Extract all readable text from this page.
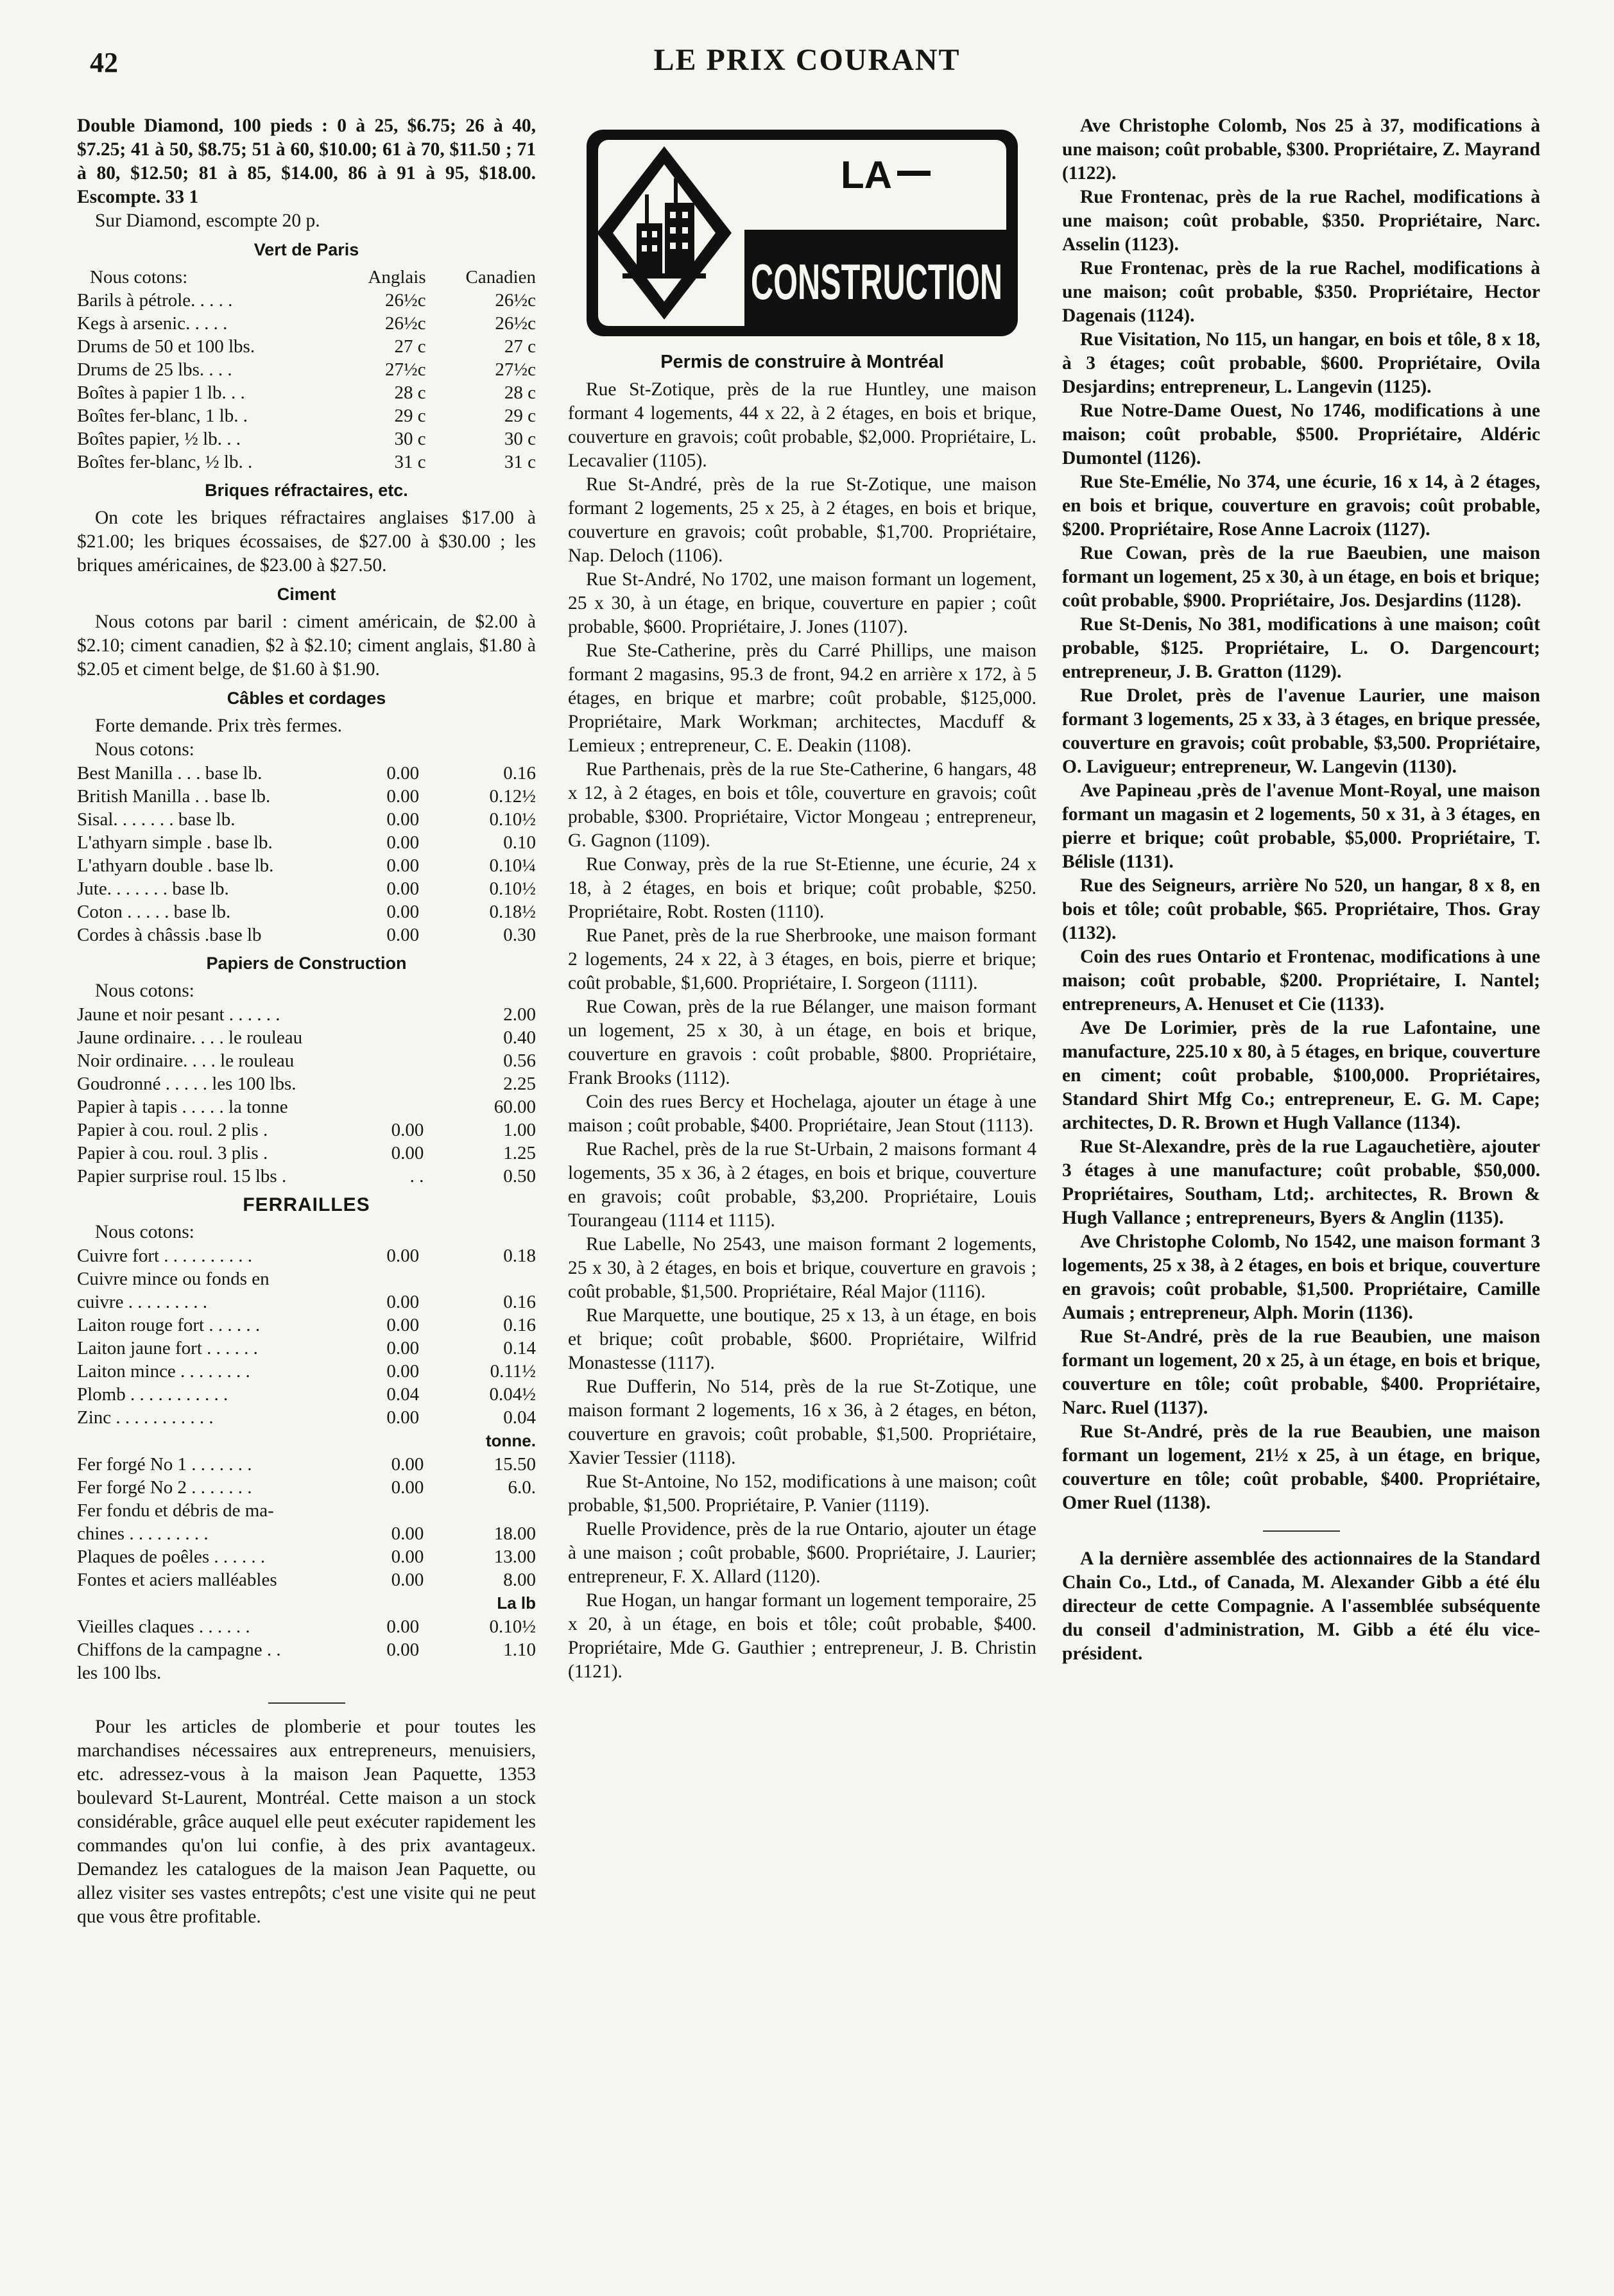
42	LE PRIX COURANT

Double Diamond, 100 pieds : 0 à 25, $6.75; 26 à 40, $7.25; 41 à 50, $8.75; 51 à 60, $10.00; 61 à 70, $11.50 ; 71 à 80, $12.50; 81 à 85, $14.00, 86 à 91 à 95, $18.00. Escompte. 33 1

Sur Diamond, escompte 20 p.

Vert de Paris
Nous cotons:	Anglais	Canadien
Barils à pétrole. . . . .	26½c	26½c
Kegs à arsenic. . . . .	26½c	26½c
Drums de 50 et 100 lbs.	27 c	27 c
Drums de 25 lbs. . . .	27½c	27½c
Boîtes à papier 1 lb. . .	28 c	28 c
Boîtes fer-blanc, 1 lb. .	29 c	29 c
Boîtes papier, ½ lb. . .	30 c	30 c
Boîtes fer-blanc, ½ lb. .	31 c	31 c
Briques réfractaires, etc.

On cote les briques réfractaires anglaises $17.00 à $21.00; les briques écossaises, de $27.00 à $30.00 ; les briques américaines, de $23.00 à $27.50.

Ciment

Nous cotons par baril : ciment américain, de $2.00 à $2.10; ciment canadien, $2 à $2.10; ciment anglais, $1.80 à $2.05 et ciment belge, de $1.60 à $1.90.

Câbles et cordages

Forte demande. Prix très fermes.

Nous cotons:

Best Manilla . . . base lb.	0.00	0.16
British Manilla . . base lb.	0.00	0.12½
Sisal. . . . . . . base lb.	0.00	0.10½
L'athyarn simple . base lb.	0.00	0.10
L'athyarn double . base lb.	0.00	0.10¼
Jute. . . . . . . base lb.	0.00	0.10½
Coton . . . . . base lb.	0.00	0.18½
Cordes à châssis .base lb	0.00	0.30
Papiers de Construction

Nous cotons:

Jaune et noir pesant . . . . . .		2.00
Jaune ordinaire. . . . le rouleau		0.40
Noir ordinaire. . . . le rouleau		0.56
Goudronné . . . . . les 100 lbs.		2.25
Papier à tapis . . . . . la tonne		60.00
Papier à cou. roul. 2 plis .	0.00	1.00
Papier à cou. roul. 3 plis .	0.00	1.25
Papier surprise roul. 15 lbs .	. .	0.50
FERRAILLES

Nous cotons:

Cuivre fort . . . . . . . . . .	0.00	0.18
Cuivre mince ou fonds en		
cuivre . . . . . . . . .	0.00	0.16
Laiton rouge fort . . . . . .	0.00	0.16
Laiton jaune fort . . . . . .	0.00	0.14
Laiton mince . . . . . . . .	0.00	0.11½
Plomb . . . . . . . . . . .	0.04	0.04½
Zinc . . . . . . . . . . .	0.00	0.04
tonne.
Fer forgé No 1 . . . . . . .	0.00	15.50
Fer forgé No 2 . . . . . . .	0.00	6.0.
Fer fondu et débris de ma-		
chines . . . . . . . . .	0.00	18.00
Plaques de poêles . . . . . .	0.00	13.00
Fontes et aciers malléables	0.00	8.00
La lb
Vieilles claques . . . . . .	0.00	0.10½
Chiffons de la campagne . .	0.00	1.10
les 100 lbs.		

Pour les articles de plomberie et pour toutes les marchandises nécessaires aux entrepreneurs, menuisiers, etc. adressez-vous à la maison Jean Paquette, 1353 boulevard St-Laurent, Montréal. Cette maison a un stock considérable, grâce auquel elle peut exécuter rapidement les commandes qu'on lui confie, à des prix avantageux. Demandez les catalogues de la maison Jean Paquette, ou allez visiter ses vastes entrepôts; c'est une visite qui ne peut que vous être profitable.

LA
CONSTRUCTION
Permis de construire à Montréal

Rue St-Zotique, près de la rue Huntley, une maison formant 4 logements, 44 x 22, à 2 étages, en bois et brique, couverture en gravois; coût probable, $2,000. Propriétaire, L. Lecavalier (1105).

Rue St-André, près de la rue St-Zotique, une maison formant 2 logements, 25 x 25, à 2 étages, en bois et brique, couverture en gravois; coût probable, $1,700. Propriétaire, Nap. Deloch (1106).

Rue St-André, No 1702, une maison formant un logement, 25 x 30, à un étage, en brique, couverture en papier ; coût probable, $600. Propriétaire, J. Jones (1107).

Rue Ste-Catherine, près du Carré Phillips, une maison formant 2 magasins, 95.3 de front, 94.2 en arrière x 172, à 5 étages, en brique et marbre; coût probable, $125,000. Propriétaire, Mark Workman; architectes, Macduff & Lemieux ; entrepreneur, C. E. Deakin (1108).

Rue Parthenais, près de la rue Ste-Catherine, 6 hangars, 48 x 12, à 2 étages, en bois et tôle, couverture en gravois; coût probable, $300. Propriétaire, Victor Mongeau ; entrepreneur, G. Gagnon (1109).

Rue Conway, près de la rue St-Etienne, une écurie, 24 x 18, à 2 étages, en bois et brique; coût probable, $250. Propriétaire, Robt. Rosten (1110).

Rue Panet, près de la rue Sherbrooke, une maison formant 2 logements, 24 x 22, à 3 étages, en bois, pierre et brique; coût probable, $1,600. Propriétaire, I. Sorgeon (1111).

Rue Cowan, près de la rue Bélanger, une maison formant un logement, 25 x 30, à un étage, en bois et brique, couverture en gravois : coût probable, $800. Propriétaire, Frank Brooks (1112).

Coin des rues Bercy et Hochelaga, ajouter un étage à une maison ; coût probable, $400. Propriétaire, Jean Stout (1113).

Rue Rachel, près de la rue St-Urbain, 2 maisons formant 4 logements, 35 x 36, à 2 étages, en bois et brique, couverture en gravois; coût probable, $3,200. Propriétaire, Louis Tourangeau (1114 et 1115).

Rue Labelle, No 2543, une maison formant 2 logements, 25 x 30, à 2 étages, en bois et brique, couverture en gravois ; coût probable, $1,500. Propriétaire, Réal Major (1116).

Rue Marquette, une boutique, 25 x 13, à un étage, en bois et brique; coût probable, $600. Propriétaire, Wilfrid Monastesse (1117).

Rue Dufferin, No 514, près de la rue St-Zotique, une maison formant 2 logements, 16 x 36, à 2 étages, en béton, couverture en gravois; coût probable, $1,500. Propriétaire, Xavier Tessier (1118).

Rue St-Antoine, No 152, modifications à une maison; coût probable, $1,500. Propriétaire, P. Vanier (1119).

Ruelle Providence, près de la rue Ontario, ajouter un étage à une maison ; coût probable, $600. Propriétaire, J. Laurier; entrepreneur, F. X. Allard (1120).

Rue Hogan, un hangar formant un logement temporaire, 25 x 20, à un étage, en bois et tôle; coût probable, $400. Propriétaire, Mde G. Gauthier ; entrepreneur, J. B. Christin (1121).

Ave Christophe Colomb, Nos 25 à 37, modifications à une maison; coût probable, $300. Propriétaire, Z. Mayrand (1122).

Rue Frontenac, près de la rue Rachel, modifications à une maison; coût probable, $350. Propriétaire, Narc. Asselin (1123).

Rue Frontenac, près de la rue Rachel, modifications à une maison; coût probable, $350. Propriétaire, Hector Dagenais (1124).

Rue Visitation, No 115, un hangar, en bois et tôle, 8 x 18, à 3 étages; coût probable, $600. Propriétaire, Ovila Desjardins; entrepreneur, L. Langevin (1125).

Rue Notre-Dame Ouest, No 1746, modifications à une maison; coût probable, $500. Propriétaire, Aldéric Dumontel (1126).

Rue Ste-Emélie, No 374, une écurie, 16 x 14, à 2 étages, en bois et brique, couverture en gravois; coût probable, $200. Propriétaire, Rose Anne Lacroix (1127).

Rue Cowan, près de la rue Baeubien, une maison formant un logement, 25 x 30, à un étage, en bois et brique; coût probable, $900. Propriétaire, Jos. Desjardins (1128).

Rue St-Denis, No 381, modifications à une maison; coût probable, $125. Propriétaire, L. O. Dargencourt; entrepreneur, J. B. Gratton (1129).

Rue Drolet, près de l'avenue Laurier, une maison formant 3 logements, 25 x 33, à 3 étages, en brique pressée, couverture en gravois; coût probable, $3,500. Propriétaire, O. Lavigueur; entrepreneur, W. Langevin (1130).

Ave Papineau ,près de l'avenue Mont-Royal, une maison formant un magasin et 2 logements, 50 x 31, à 3 étages, en pierre et brique; coût probable, $5,000. Propriétaire, T. Bélisle (1131).

Rue des Seigneurs, arrière No 520, un hangar, 8 x 8, en bois et tôle; coût probable, $65. Propriétaire, Thos. Gray (1132).

Coin des rues Ontario et Frontenac, modifications à une maison; coût probable, $200. Propriétaire, I. Nantel; entrepreneurs, A. Henuset et Cie (1133).

Ave De Lorimier, près de la rue Lafontaine, une manufacture, 225.10 x 80, à 5 étages, en brique, couverture en ciment; coût probable, $100,000. Propriétaires, Standard Shirt Mfg Co.; entrepreneur, E. G. M. Cape; architectes, D. R. Brown et Hugh Vallance (1134).

Rue St-Alexandre, près de la rue Lagauchetière, ajouter 3 étages à une manufacture; coût probable, $50,000. Propriétaires, Southam, Ltd;. architectes, R. Brown & Hugh Vallance ; entrepreneurs, Byers & Anglin (1135).

Ave Christophe Colomb, No 1542, une maison formant 3 logements, 25 x 38, à 2 étages, en bois et brique, couverture en gravois; coût probable, $1,500. Propriétaire, Camille Aumais ; entrepreneur, Alph. Morin (1136).

Rue St-André, près de la rue Beaubien, une maison formant un logement, 20 x 25, à un étage, en bois et brique, couverture en tôle; coût probable, $400. Propriétaire, Narc. Ruel (1137).

Rue St-André, près de la rue Beaubien, une maison formant un logement, 21½ x 25, à un étage, en brique, couverture en tôle; coût probable, $400. Propriétaire, Omer Ruel (1138).

A la dernière assemblée des actionnaires de la Standard Chain Co., Ltd., of Canada, M. Alexander Gibb a été élu directeur de cette Compagnie. A l'assemblée subséquente du conseil d'administration, M. Gibb a été élu vice-président.
